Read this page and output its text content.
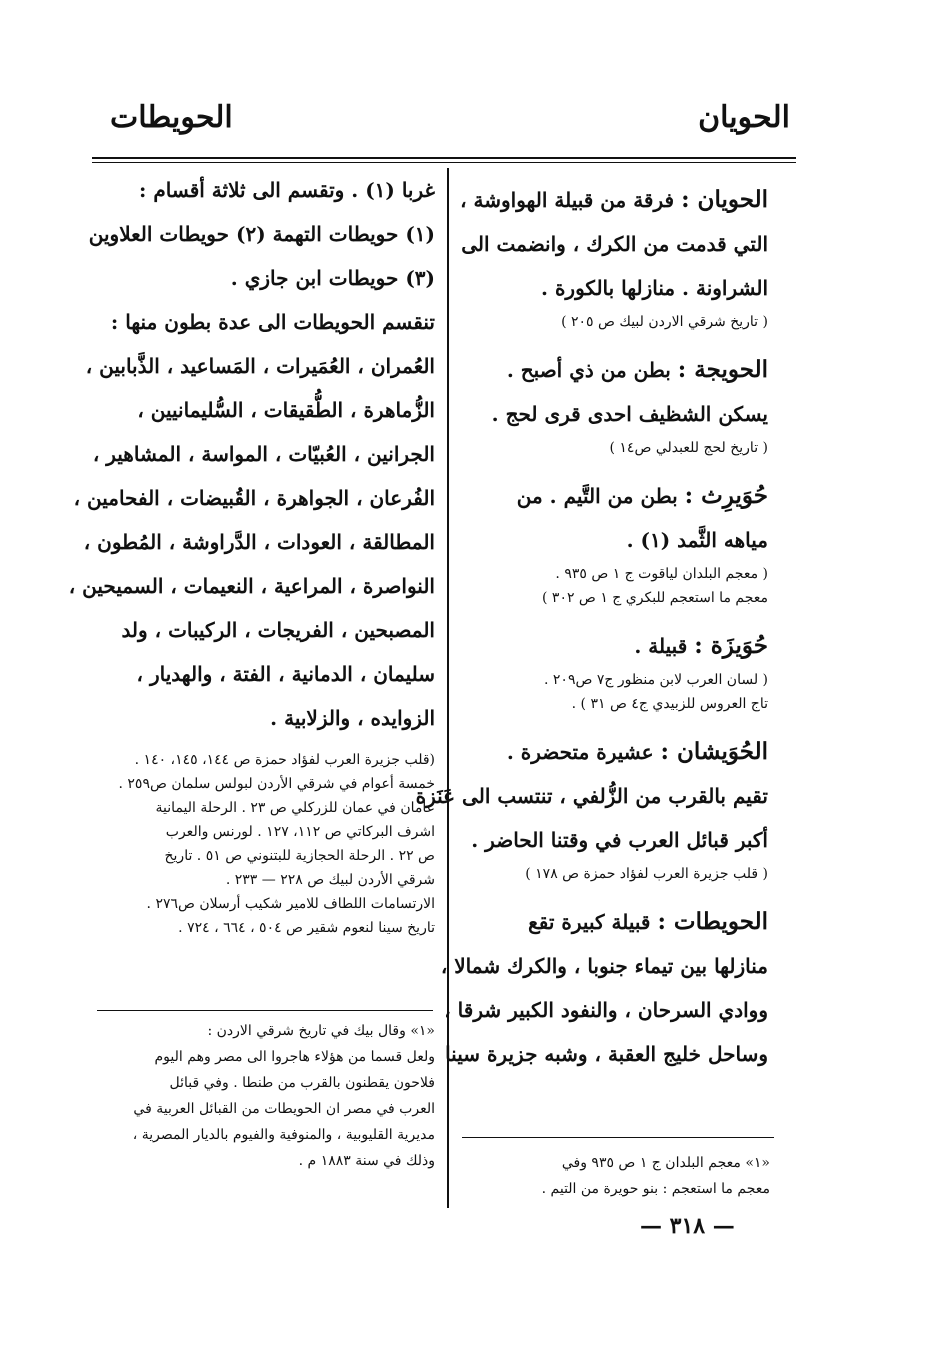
الحويان
الحويطات
الحويان : فرقة من قبيلة الهواوشة ،
التي قدمت من الكرك ، وانضمت الى
الشراونة . منازلها بالكورة .
( تاريخ شرقي الاردن لبيك ص ٢٠٥ )
الحويجة : بطن من ذي أصبح .
يسكن الشظيف احدى قرى لحج .
( تاريخ لحج للعبدلي ص١٤ )
حُوَيرِث : بطن من التَّيم . من
مياهه الثَّمد (١) .
( معجم البلدان لياقوت ج ١ ص ٩٣٥ .
معجم ما استعجم للبكري ج ١ ص ٣٠٢ )
حُوَيزَة : قبيلة .
( لسان العرب لابن منظور ج٧ ص٢٠٩ .
تاج العروس للزبيدي ج٤ ص ٣١ ) .
الحُوَيشان : عشيرة متحضرة .
تقيم بالقرب من الزُّلفي ، تنتسب الى عَنَزة
أكبر قبائل العرب في وقتنا الحاضر .
( قلب جزيرة العرب لفؤاد حمزة ص ١٧٨ )
الحويطات : قبيلة كبيرة تقع
منازلها بين تيماء جنوبا ، والكرك شمالا ،
ووادي السرحان ، والنفود الكبير شرقا ،
وساحل خليج العقبة ، وشبه جزيرة سينا
غربا (١) . وتقسم الى ثلاثة أقسام :
(١) حويطات التهمة (٢) حويطات العلاوين
(٣) حويطات ابن جازي .
تنقسم الحويطات الى عدة بطون منها :
العُمران ، العُمَيرات ، المَساعيد ، الذَّبابين ،
الزُّماهرة ، الطُّقيقات ، السُّليمانيين ،
الجرانين ، العُبيّات ، المواسة ، المشاهير ،
الفُرعان ، الجواهرة ، القُبيضات ، الفحامين ،
المطالقة ، العودات ، الدَّراوشة ، المُطون ،
النواصرة ، المراعية ، النعيمات ، السميحين ،
المصبحين ، الفريجات ، الركيبات ، ولد
سليمان ، الدمانية ، الفتة ، والهديار ،
الزوايده ، والزلابية .
(قلب جزيرة العرب لفؤاد حمزة ص ١٤٤، ١٤٥، ١٤٠ .
خمسة أعوام في شرقي الأردن لبولس سلمان ص٢٥٩ .
عامان في عمان للزركلي ص ٢٣ . الرحلة اليمانية
اشرف البركاتي ص ١١٢، ١٢٧ . لورنس والعرب
ص ٢٢ . الرحلة الحجازية للبتنوني ص ٥١ . تاريخ
شرقي الأردن لبيك ص ٢٢٨ — ٢٣٣ .
الارتسامات اللطاف للامير شكيب أرسلان ص٢٧٦ .
تاريخ سينا لنعوم شقير ص ٥٠٤ ، ٦٦٤ ، ٧٢٤ .
«١» معجم البلدان ج ١ ص ٩٣٥ وفي
معجم ما استعجم : بنو حويرة من التيم .
«١» وقال بيك في تاريخ شرقي الاردن :
ولعل قسما من هؤلاء هاجروا الى مصر وهم اليوم
فلاحون يقطنون بالقرب من طنطا . وفي قبائل
العرب في مصر ان الحويطات من القبائل العربية في
مديرية القليوبية ، والمنوفية والفيوم بالديار المصرية ،
وذلك في سنة ١٨٨٣ م .
— ٣١٨ —
